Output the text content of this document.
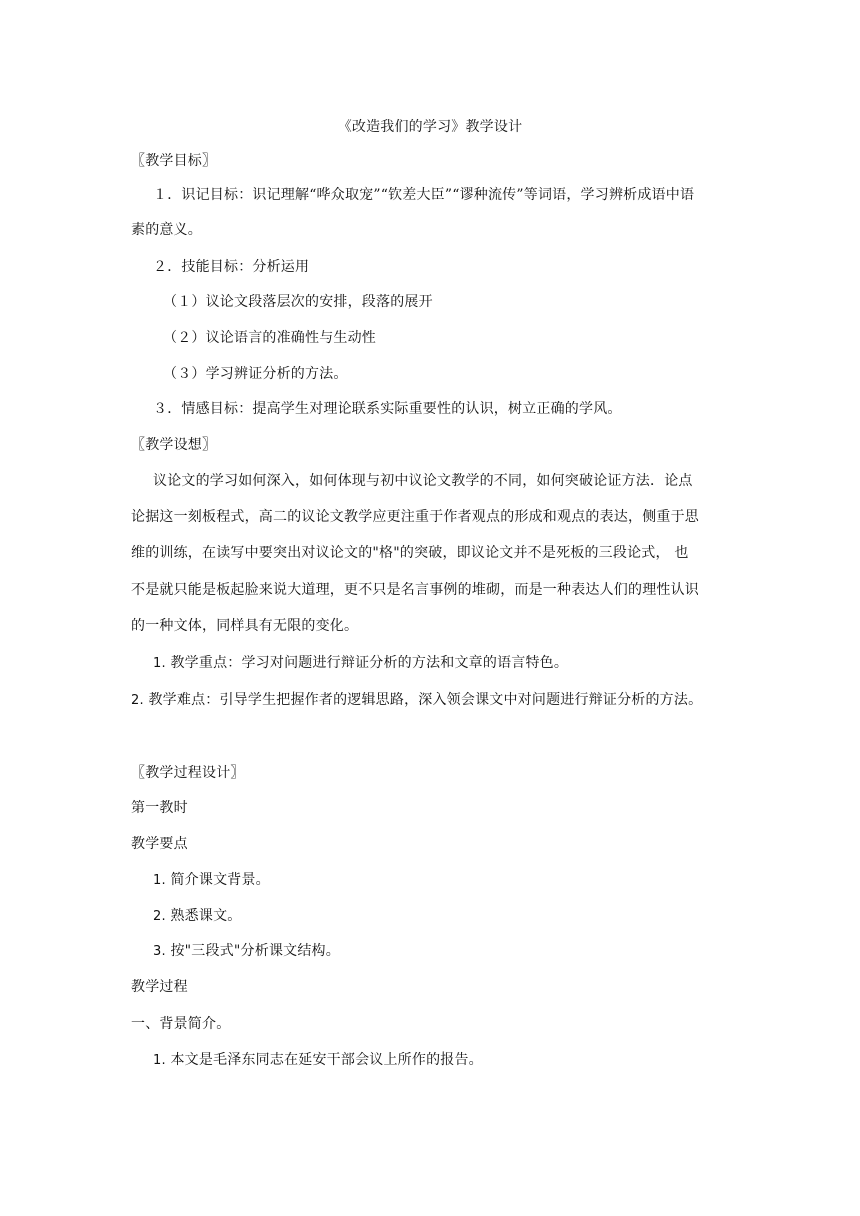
《改造我们的学习》教学设计
〖教学目标〗
１．识记目标：识记理解“哗众取宠”“钦差大臣”“谬种流传”等词语，学习辨析成语中语
素的意义。
２．技能目标：分析运用
（１）议论文段落层次的安排，段落的展开
（２）议论语言的准确性与生动性
（３）学习辨证分析的方法。
３．情感目标：提高学生对理论联系实际重要性的认识，树立正确的学风。
〖教学设想〗
议论文的学习如何深入，如何体现与初中议论文教学的不同，如何突破论证方法．论点
论据这一刻板程式，高二的议论文教学应更注重于作者观点的形成和观点的表达，侧重于思
维的训练，在读写中要突出对议论文的"格"的突破，即议论文并不是死板的三段论式， 也
不是就只能是板起脸来说大道理，更不只是名言事例的堆砌，而是一种表达人们的理性认识
的一种文体，同样具有无限的变化。
1. 教学重点：学习对问题进行辩证分析的方法和文章的语言特色。
2. 教学难点：引导学生把握作者的逻辑思路，深入领会课文中对问题进行辩证分析的方法。
〖教学过程设计〗
第一教时
教学要点
1. 简介课文背景。
2. 熟悉课文。
3. 按"三段式"分析课文结构。
教学过程
一、背景简介。
1. 本文是毛泽东同志在延安干部会议上所作的报告。
